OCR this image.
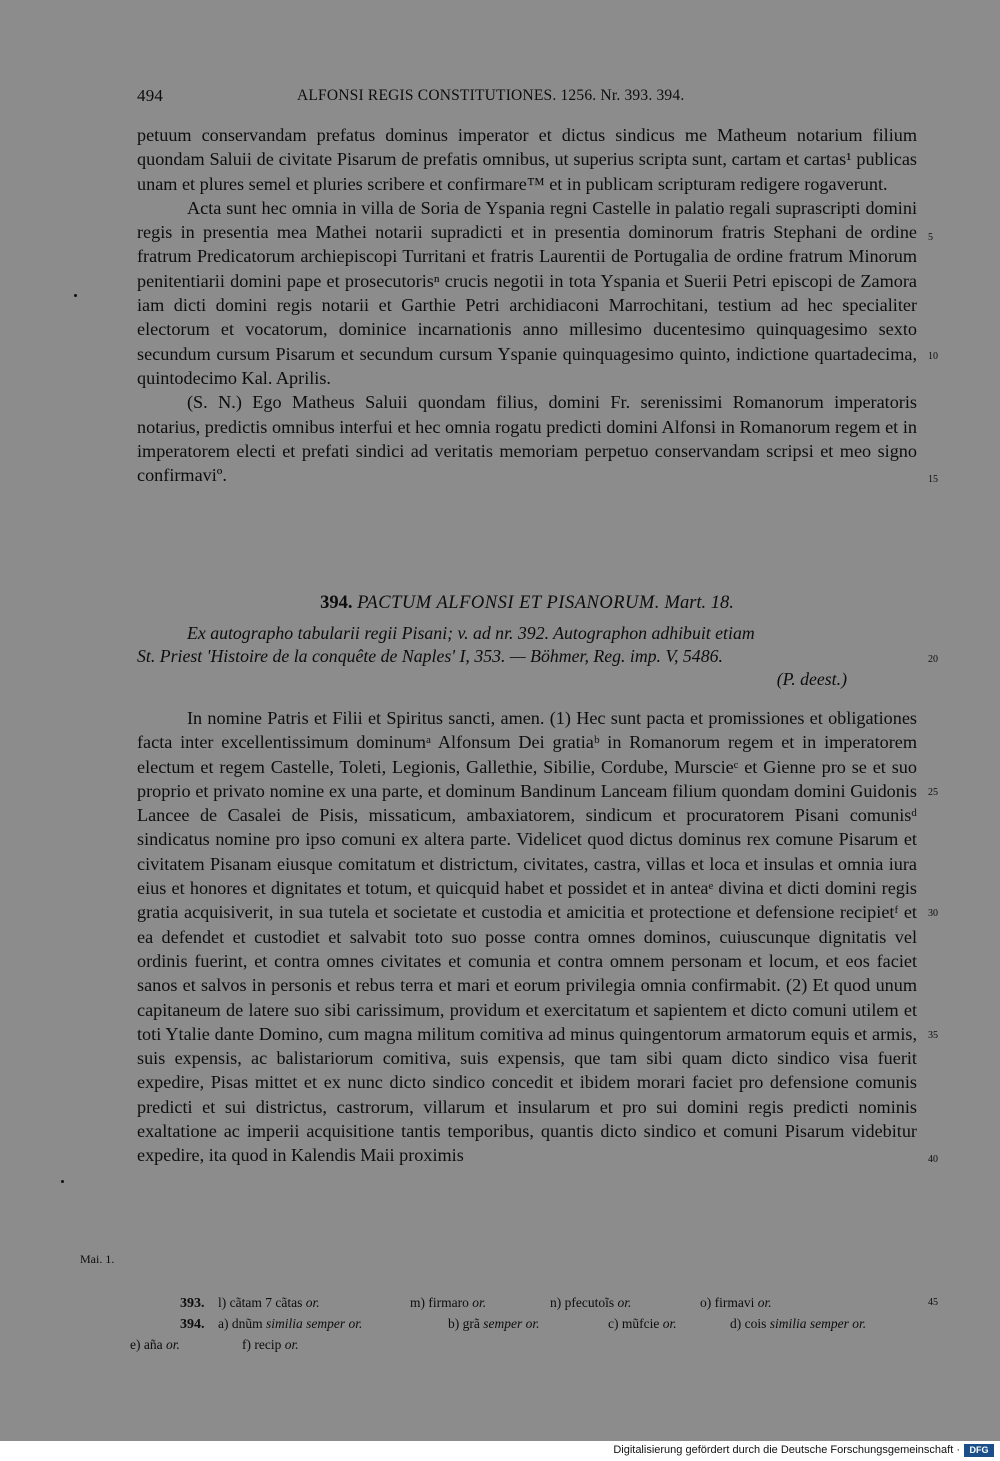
494	ALFONSI REGIS CONSTITUTIONES. 1256. Nr. 393. 394.

petuum conservandam prefatus dominus imperator et dictus sindicus me Matheum notarium filium quondam Saluii de civitate Pisarum de prefatis omnibus, ut superius scripta sunt, cartam et cartas¹ publicas unam et plures semel et pluries scribere et confirmare™ et in publicam scripturam redigere rogaverunt.

Acta sunt hec omnia in villa de Soria de Yspania regni Castelle in palatio regali suprascripti domini regis in presentia mea Mathei notarii supradicti et in presentia dominorum fratris Stephani de ordine fratrum Predicatorum archiepiscopi Turritani et fratris Laurentii de Portugalia de ordine fratrum Minorum penitentiarii domini pape et prosecutorisⁿ crucis negotii in tota Yspania et Suerii Petri episcopi de Zamora iam dicti domini regis notarii et Garthie Petri archidiaconi Marrochitani, testium ad hec specialiter electorum et vocatorum, dominice incarnationis anno millesimo ducentesimo quinquagesimo sexto secundum cursum Pisarum et secundum cursum Yspanie quinquagesimo quinto, indictione quartadecima, quintodecimo Kal. Aprilis.

(S. N.) Ego Matheus Saluii quondam filius, domini Fr. serenissimi Romanorum imperatoris notarius, predictis omnibus interfui et hec omnia rogatu predicti domini Alfonsi in Romanorum regem et in imperatorem electi et prefati sindici ad veritatis memoriam perpetuo conservandam scripsi et meo signo confirmaviº.

394. PACTUM ALFONSI ET PISANORUM. Mart. 18.

Ex autographo tabularii regii Pisani; v. ad nr. 392. Autographon adhibuit etiam

St. Priest 'Histoire de la conquête de Naples' I, 353. — Böhmer, Reg. imp. V, 5486.

(P. deest.)

In nomine Patris et Filii et Spiritus sancti, amen. (1) Hec sunt pacta et promissiones et obligationes facta inter excellentissimum dominumᵃ Alfonsum Dei gratiaᵇ in Romanorum regem et in imperatorem electum et regem Castelle, Toleti, Legionis, Gallethie, Sibilie, Cordube, Murscieᶜ et Gienne pro se et suo proprio et privato nomine ex una parte, et dominum Bandinum Lanceam filium quondam domini Guidonis Lancee de Casalei de Pisis, missaticum, ambaxiatorem, sindicum et procuratorem Pisani comunisᵈ sindicatus nomine pro ipso comuni ex altera parte. Videlicet quod dictus dominus rex comune Pisarum et civitatem Pisanam eiusque comitatum et districtum, civitates, castra, villas et loca et insulas et omnia iura eius et honores et dignitates et totum, et quicquid habet et possidet et in anteaᵉ divina et dicti domini regis gratia acquisiverit, in sua tutela et societate et custodia et amicitia et protectione et defensione recipietᶠ et ea defendet et custodiet et salvabit toto suo posse contra omnes dominos, cuiuscunque dignitatis vel ordinis fuerint, et contra omnes civitates et comunia et contra omnem personam et locum, et eos faciet sanos et salvos in personis et rebus terra et mari et eorum privilegia omnia confirmabit. (2) Et quod unum capitaneum de latere suo sibi carissimum, providum et exercitatum et sapientem et dicto comuni utilem et toti Ytalie dante Domino, cum magna militum comitiva ad minus quingentorum armatorum equis et armis, suis expensis, ac balistariorum comitiva, suis expensis, que tam sibi quam dicto sindico visa fuerit expedire, Pisas mittet et ex nunc dicto sindico concedit et ibidem morari faciet pro defensione comunis predicti et sui districtus, castrorum, villarum et insularum et pro sui domini regis predicti nominis exaltatione ac imperii acquisitione tantis temporibus, quantis dicto sindico et comuni Pisarum videbitur expedire, ita quod in Kalendis Maii proximis

5
10
15
20
25
30
35
40
45
Mai. 1.
393. l) cãtam 7 cãtas or.	m) firmaro or.	n) pfecutoĩs or.	o) firmavi or.
394. a) dnũm similia semper or.	b) grã semper or.	c) mũfcie or.	d) cois similia semper or.
e) añа or.	f) recip or.
Digitalisierung gefördert durch die Deutsche Forschungsgemeinschaft ·	DFG
